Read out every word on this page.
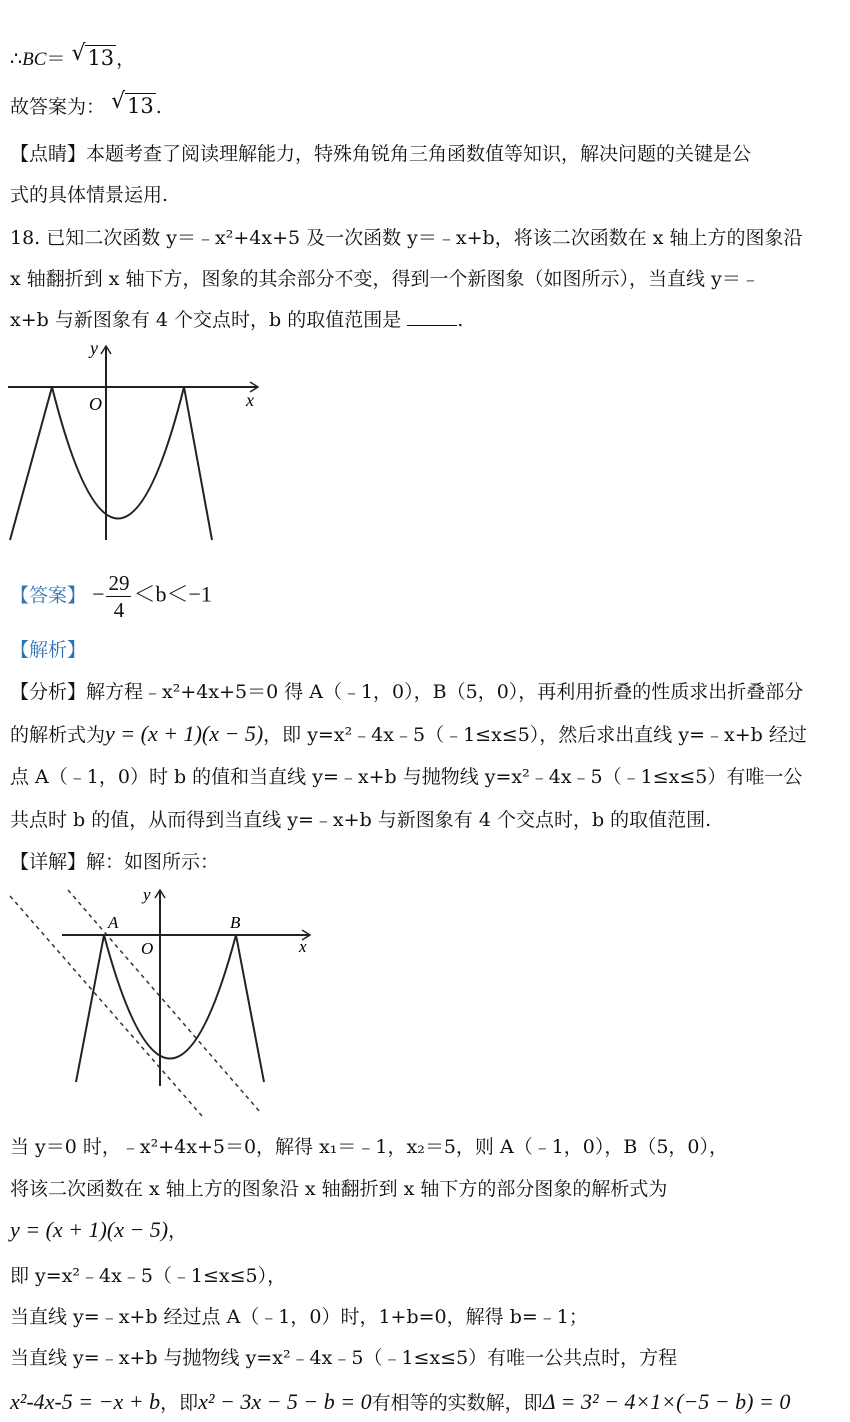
∴BC＝ √ 13 ，
故答案为： √ 13 .
【点睛】本题考查了阅读理解能力，特殊角锐角三角函数值等知识，解决问题的关键是公
式的具体情景运用.
18. 已知二次函数 y＝﹣x²+4x+5 及一次函数 y＝﹣x+b，将该二次函数在 x 轴上方的图象沿
x 轴翻折到 x 轴下方，图象的其余部分不变，得到一个新图象（如图所示），当直线 y＝﹣
x+b 与新图象有 4 个交点时，b 的取值范围是	.
y
x
O
【答案】 − $\frac{29}{4} <b<-1$
【解析】
【分析】解方程﹣x²+4x+5＝0 得 A（﹣1，0），B（5，0），再利用折叠的性质求出折叠部分
的解析式为y = (x + 1)(x − 5)，即 y=x²﹣4x﹣5（﹣1≤x≤5），然后求出直线 y=﹣x+b 经过
点 A（﹣1，0）时 b 的值和当直线 y=﹣x+b 与抛物线 y=x²﹣4x﹣5（﹣1≤x≤5）有唯一公
共点时 b 的值，从而得到当直线 y=﹣x+b 与新图象有 4 个交点时，b 的取值范围.
【详解】解：如图所示：
y
x
O
A	B
当 y＝0 时，﹣x²+4x+5＝0，解得 x₁＝﹣1，x₂＝5，则 A（﹣1，0），B（5，0），
将该二次函数在 x 轴上方的图象沿 x 轴翻折到 x 轴下方的部分图象的解析式为
y = (x + 1)(x − 5)，
即 y=x²﹣4x﹣5（﹣1≤x≤5），
当直线 y=﹣x+b 经过点 A（﹣1，0）时，1+b=0，解得 b=﹣1；
当直线 y=﹣x+b 与抛物线 y=x²﹣4x﹣5（﹣1≤x≤5）有唯一公共点时，方程
x²-4x-5 = −x + b，即x² − 3x − 5 − b = 0有相等的实数解，即Δ = 3² − 4×1×(−5 − b) = 0
